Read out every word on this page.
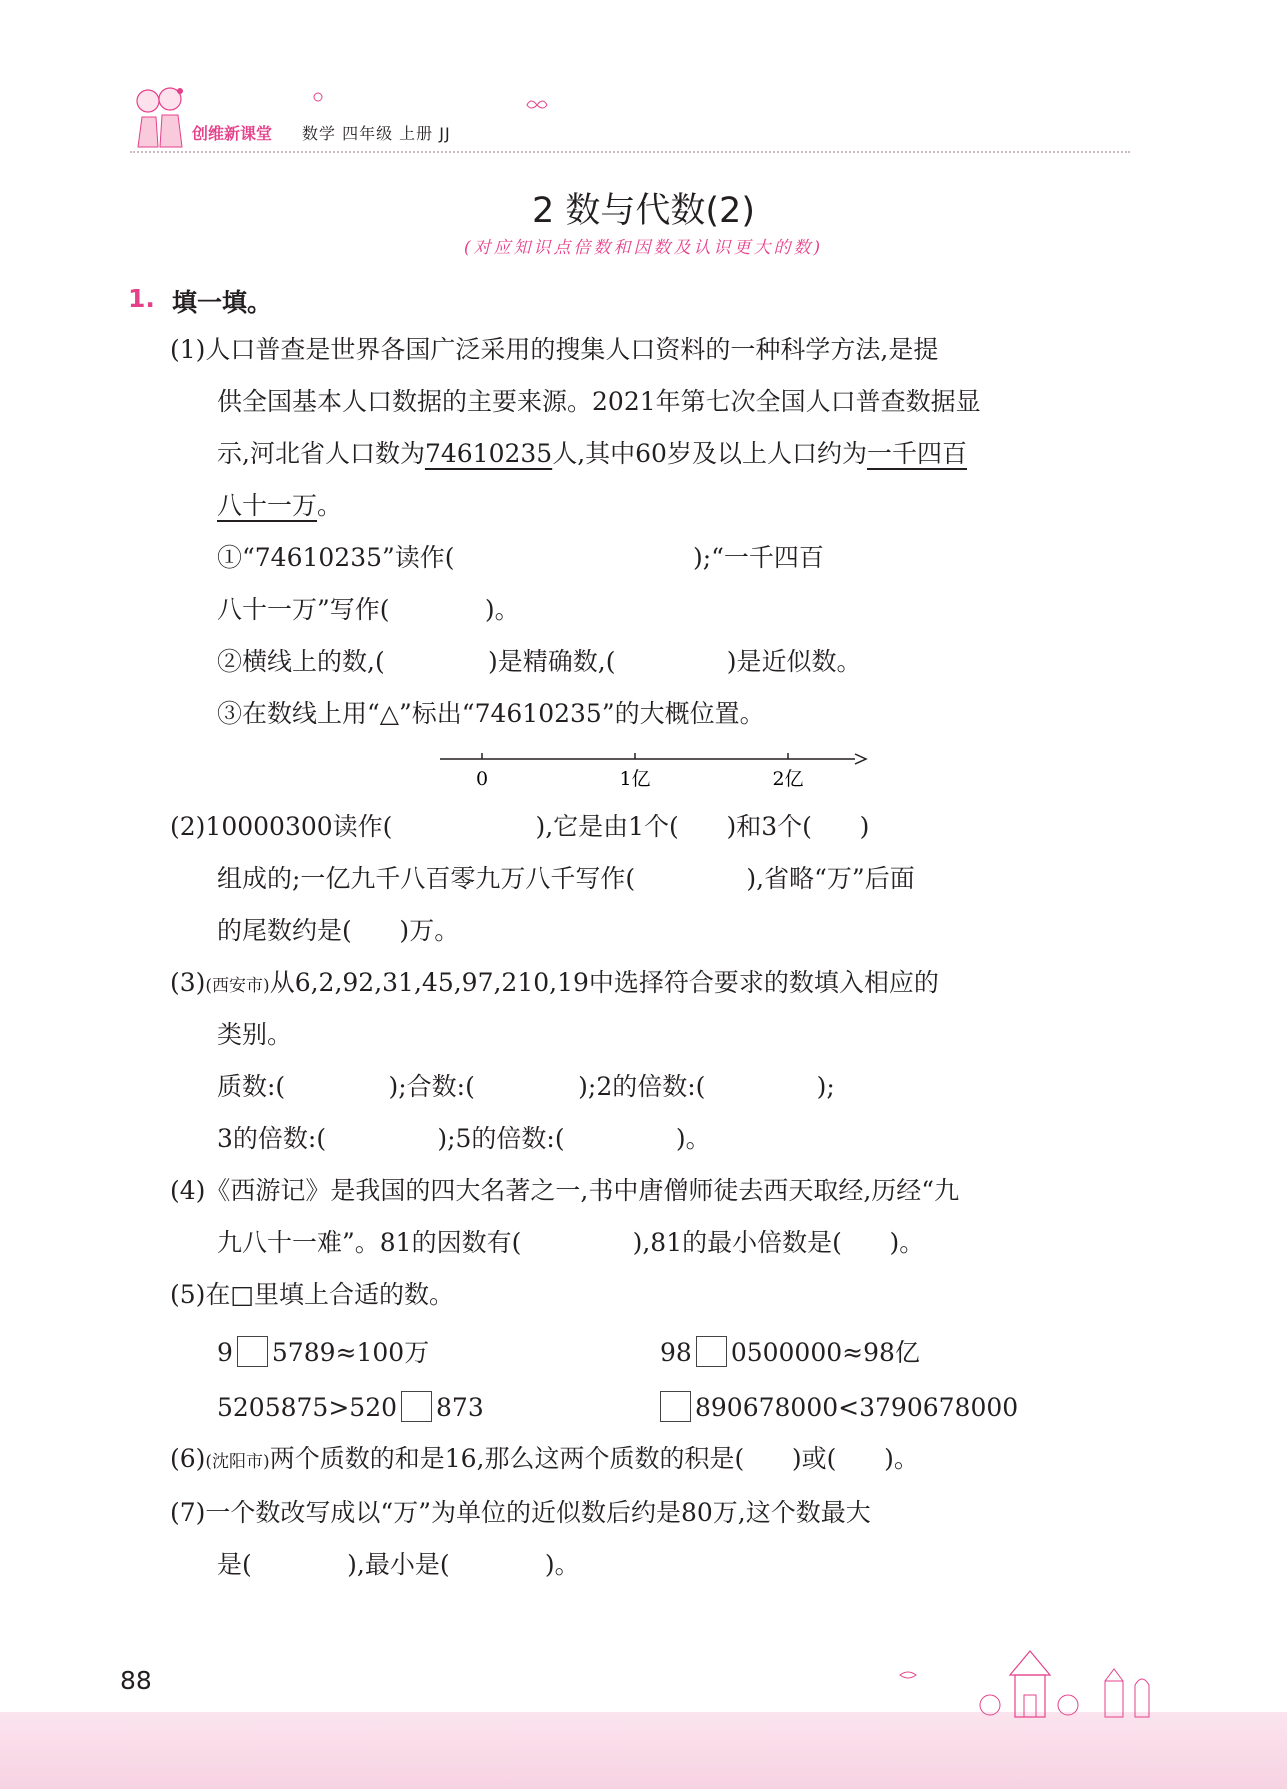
创维新课堂 数学 四年级 上册 JJ
2 数与代数(2)
(对应知识点倍数和因数及认识更大的数)
1. 填一填。
(1)人口普查是世界各国广泛采用的搜集人口资料的一种科学方法,是提
供全国基本人口数据的主要来源。2021年第七次全国人口普查数据显
示,河北省人口数为74610235人,其中60岁及以上人口约为一千四百
八十一万。
①“74610235”读作(                              );“一千四百
八十一万”写作(            )。
②横线上的数,(             )是精确数,(              )是近似数。
③在数线上用“△”标出“74610235”的大概位置。
0	1亿	2亿
(2)10000300读作(                  ),它是由1个(      )和3个(      )
组成的;一亿九千八百零九万八千写作(              ),省略“万”后面
的尾数约是(      )万。
(3)(西安市)从6,2,92,31,45,97,210,19中选择符合要求的数填入相应的
类别。
质数:(             );合数:(             );2的倍数:(              );
3的倍数:(              );5的倍数:(              )。
(4)《西游记》是我国的四大名著之一,书中唐僧师徒去西天取经,历经“九
九八十一难”。81的因数有(              ),81的最小倍数是(      )。
(5)在□里填上合适的数。
9 5789≈100万	98 0500000≈98亿
5205875>520 873	890678000<3790678000
(6)(沈阳市)两个质数的和是16,那么这两个质数的积是(      )或(      )。
(7)一个数改写成以“万”为单位的近似数后约是80万,这个数最大
是(            ),最小是(            )。
88
